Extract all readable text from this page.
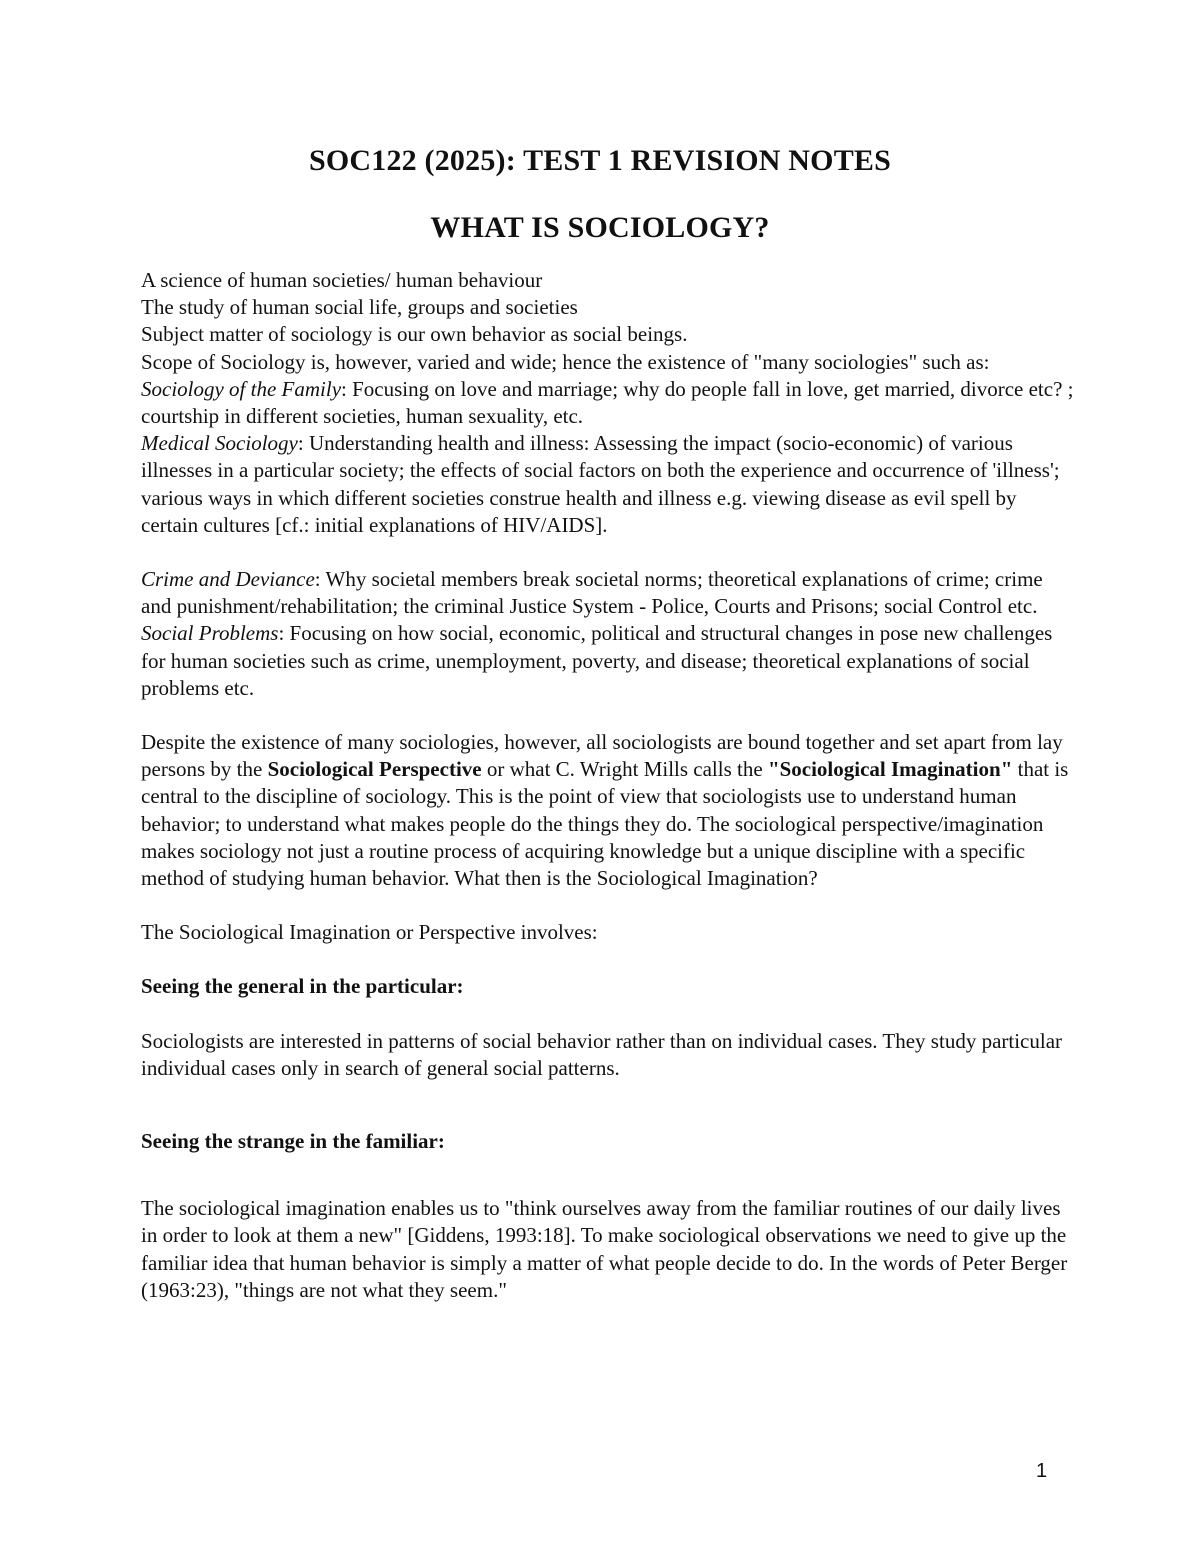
SOC122 (2025): TEST 1 REVISION NOTES
WHAT IS SOCIOLOGY?

A science of human societies/ human behaviour

The study of human social life, groups and societies

Subject matter of sociology is our own behavior as social beings.

Scope of Sociology is, however, varied and wide; hence the existence of "many sociologies" such as: Sociology of the Family: Focusing on love and marriage; why do people fall in love, get married, divorce etc? ; courtship in different societies, human sexuality, etc.

Medical Sociology: Understanding health and illness: Assessing the impact (socio-economic) of various illnesses in a particular society; the effects of social factors on both the experience and occurrence of 'illness'; various ways in which different societies construe health and illness e.g. viewing disease as evil spell by certain cultures [cf.: initial explanations of HIV/AIDS].

Crime and Deviance: Why societal members break societal norms; theoretical explanations of crime; crime and punishment/rehabilitation; the criminal Justice System - Police, Courts and Prisons; social Control etc.

Social Problems: Focusing on how social, economic, political and structural changes in pose new challenges for human societies such as crime, unemployment, poverty, and disease; theoretical explanations of social problems etc.

Despite the existence of many sociologies, however, all sociologists are bound together and set apart from lay persons by the Sociological Perspective or what C. Wright Mills calls the "Sociological Imagination" that is central to the discipline of sociology. This is the point of view that sociologists use to understand human behavior; to understand what makes people do the things they do. The sociological perspective/imagination makes sociology not just a routine process of acquiring knowledge but a unique discipline with a specific method of studying human behavior. What then is the Sociological Imagination?

The Sociological Imagination or Perspective involves:

Seeing the general in the particular:

Sociologists are interested in patterns of social behavior rather than on individual cases. They study particular individual cases only in search of general social patterns.

Seeing the strange in the familiar:

The sociological imagination enables us to "think ourselves away from the familiar routines of our daily lives in order to look at them a new" [Giddens, 1993:18]. To make sociological observations we need to give up the familiar idea that human behavior is simply a matter of what people decide to do. In the words of Peter Berger (1963:23), "things are not what they seem."

1
